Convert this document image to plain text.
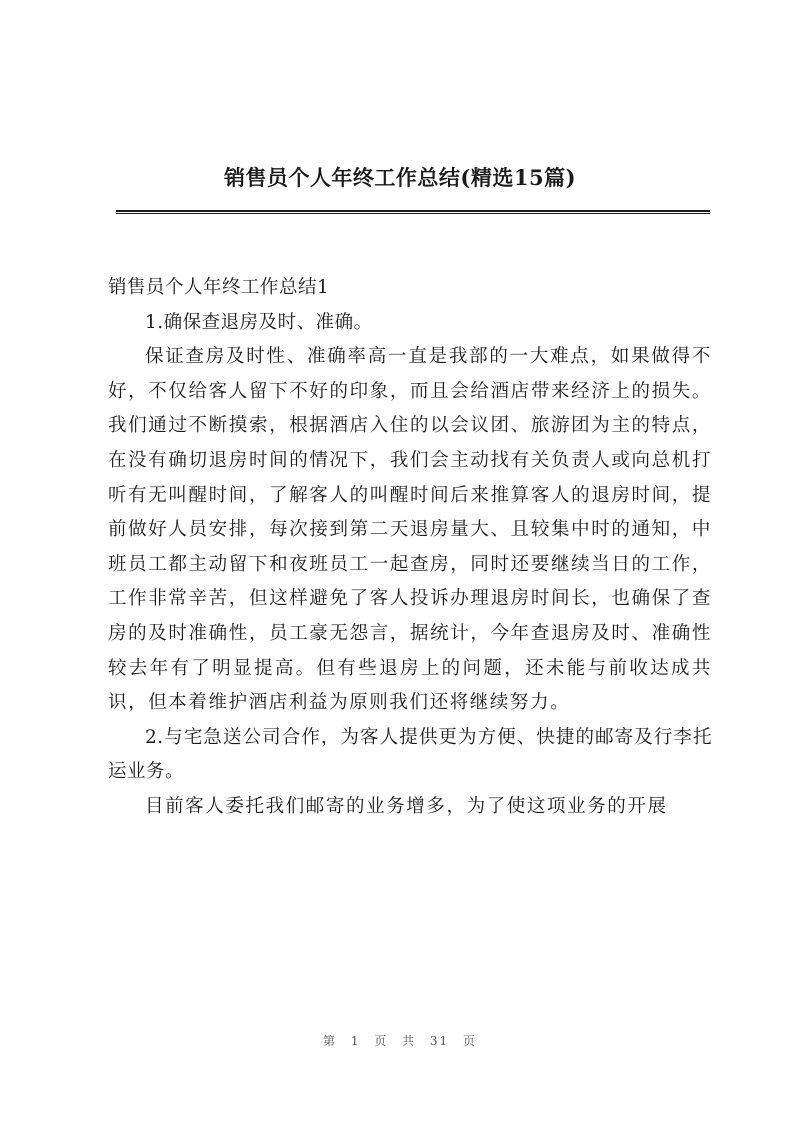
销售员个人年终工作总结(精选15篇)

销售员个人年终工作总结1

1.确保查退房及时、准确。

保证查房及时性、准确率高一直是我部的一大难点，如果做得不好，不仅给客人留下不好的印象，而且会给酒店带来经济上的损失。我们通过不断摸索，根据酒店入住的以会议团、旅游团为主的特点，在没有确切退房时间的情况下，我们会主动找有关负责人或向总机打听有无叫醒时间，了解客人的叫醒时间后来推算客人的退房时间，提前做好人员安排，每次接到第二天退房量大、且较集中时的通知，中班员工都主动留下和夜班员工一起查房，同时还要继续当日的工作，工作非常辛苦，但这样避免了客人投诉办理退房时间长，也确保了查房的及时准确性，员工豪无怨言，据统计，今年查退房及时、准确性较去年有了明显提高。但有些退房上的问题，还未能与前收达成共识，但本着维护酒店利益为原则我们还将继续努力。

2.与宅急送公司合作，为客人提供更为方便、快捷的邮寄及行李托运业务。

目前客人委托我们邮寄的业务增多，为了使这项业务的开展

第 1 页 共 31 页
